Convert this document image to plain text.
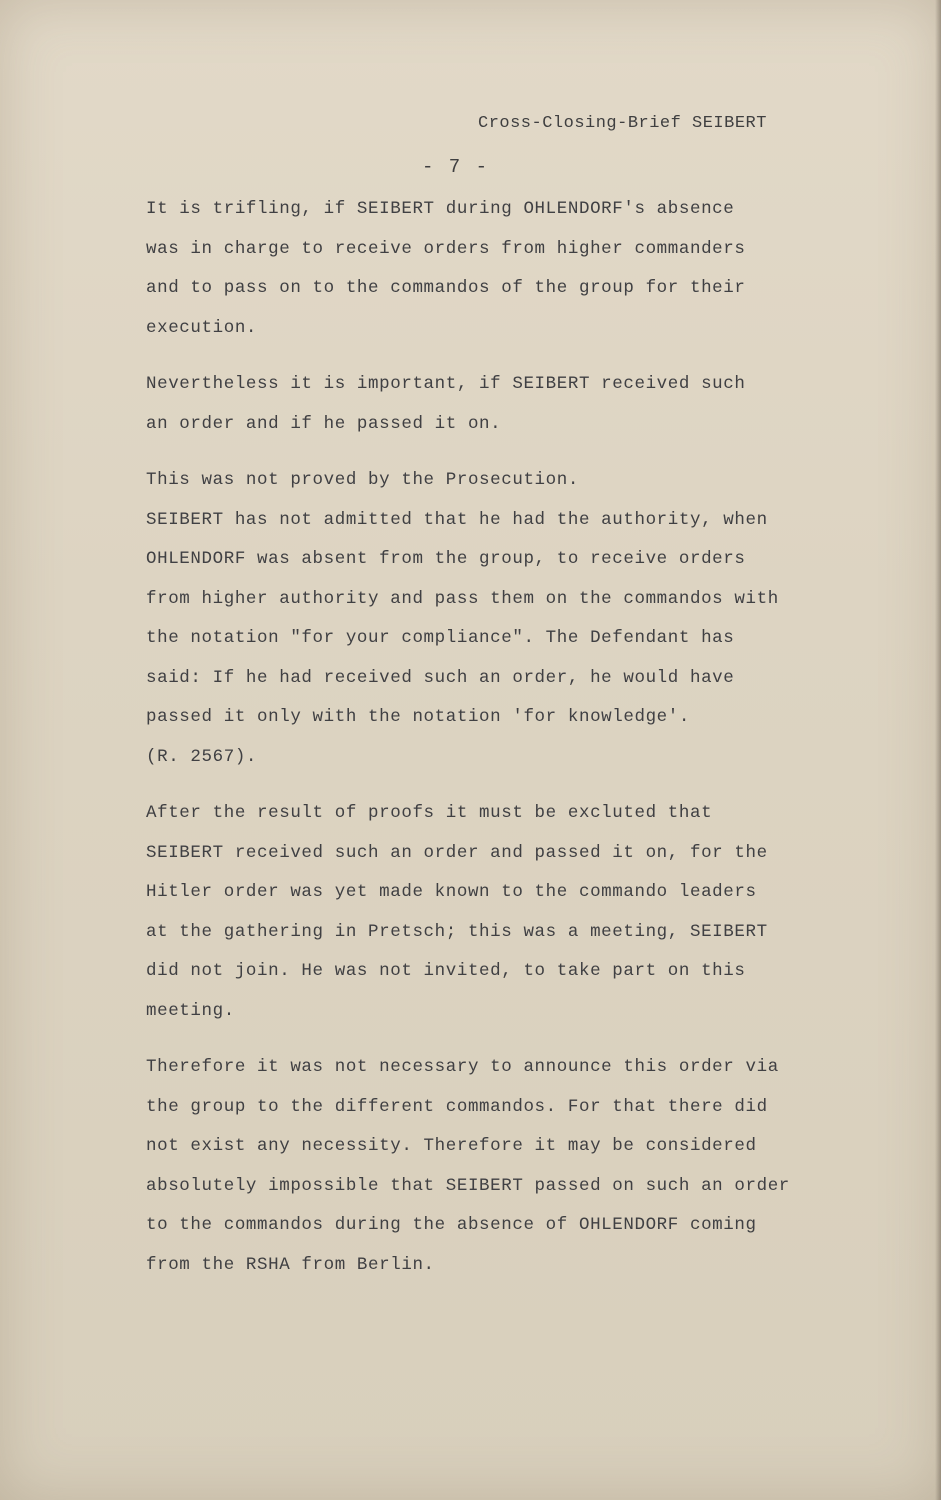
Cross-Closing-Brief SEIBERT
- 7 -
It is trifling, if SEIBERT during OHLENDORF's absence
was in charge to receive orders from higher commanders
and to pass on to the commandos of the group for their
execution.
Nevertheless it is important, if SEIBERT received such
an order and if he passed it on.
This was not proved by the Prosecution.
SEIBERT has not admitted that he had the authority, when
OHLENDORF was absent from the group, to receive orders
from higher authority and pass them on the commandos with
the notation "for your compliance". The Defendant has
said: If he had received such an order, he would have
passed it only with the notation 'for knowledge'.
(R. 2567).
After the result of proofs it must be excluted that
SEIBERT received such an order and passed it on, for the
Hitler order was yet made known to the commando leaders
at the gathering in Pretsch; this was a meeting, SEIBERT
did not join. He was not invited, to take part on this
meeting.
Therefore it was not necessary to announce this order via
the group to the different commandos. For that there did
not exist any necessity. Therefore it may be considered
absolutely impossible that SEIBERT passed on such an order
to the commandos during the absence of OHLENDORF coming
from the RSHA from Berlin.
